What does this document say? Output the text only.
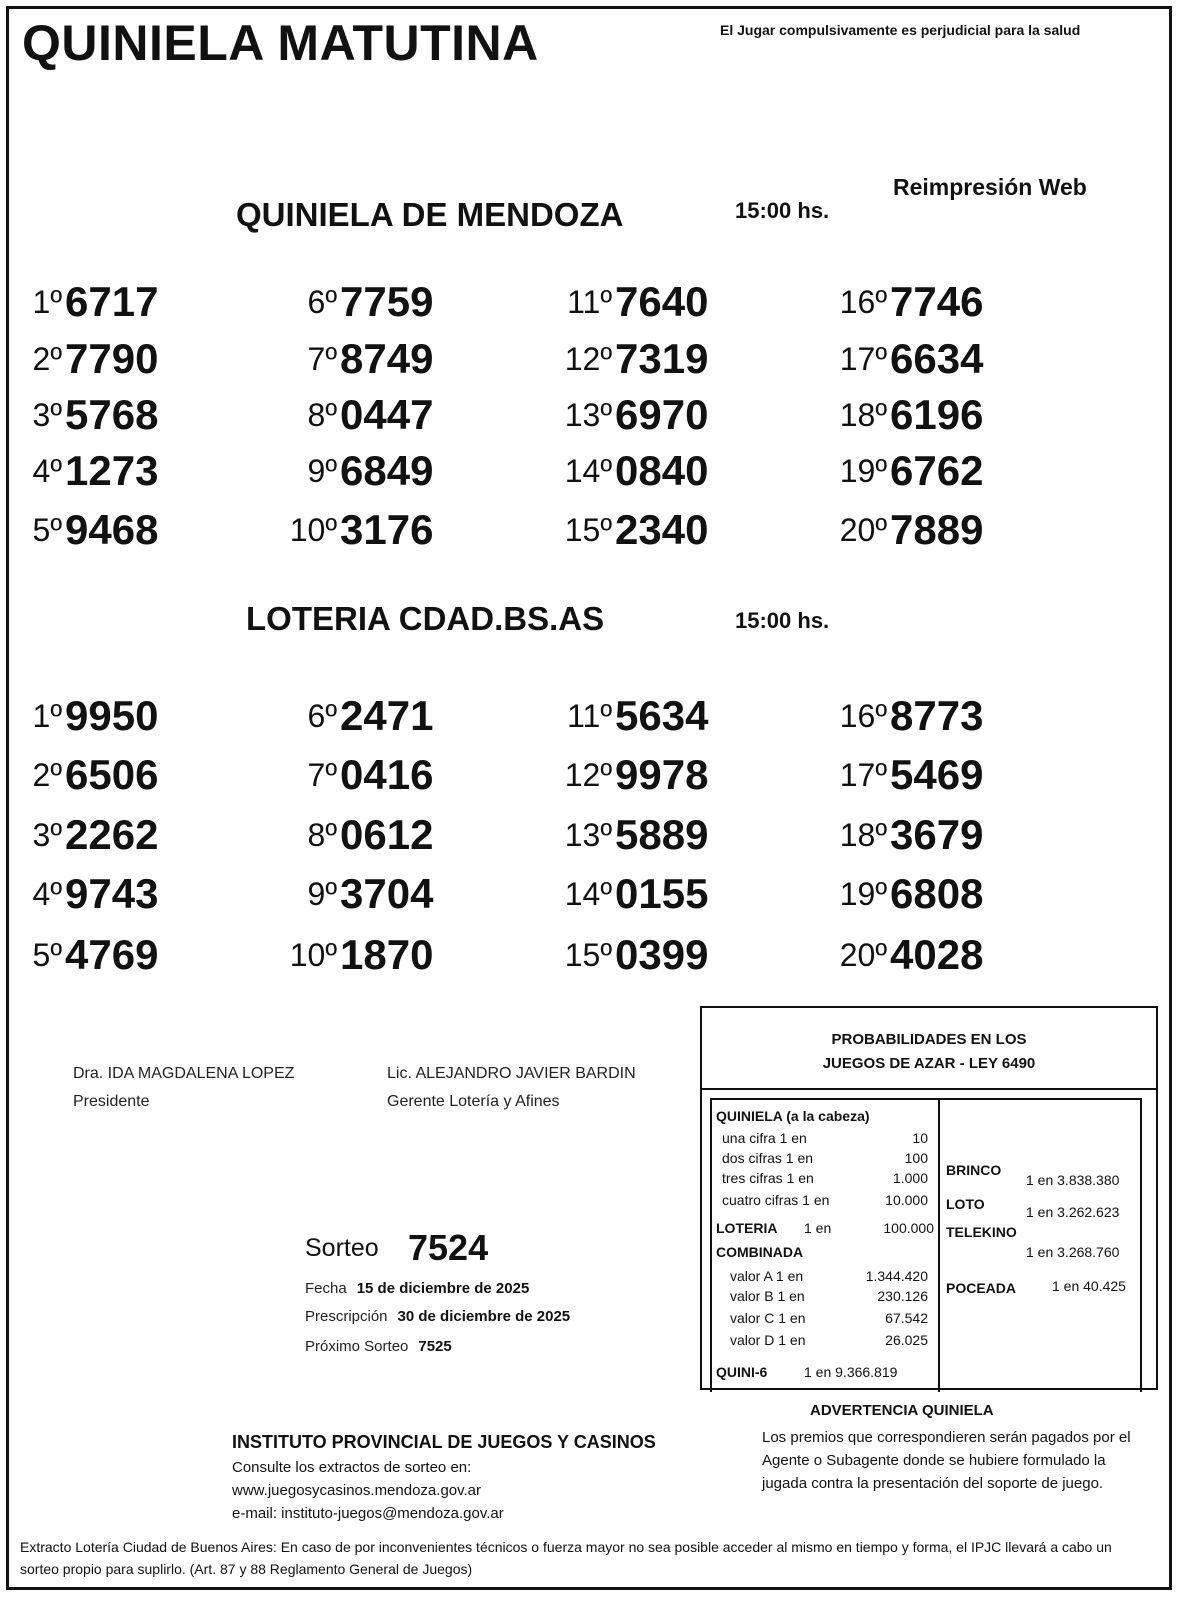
QUINIELA MATUTINA	El Jugar compulsivamente es perjudicial para la salud
Reimpresión Web
QUINIELA DE MENDOZA	15:00 hs.
1º 6717
2º 7790
3º 5768
4º 1273
5º 9468
6º 7759
7º 8749
8º 0447
9º 6849
10º 3176
11º 7640
12º 7319
13º 6970
14º 0840
15º 2340
16º 7746
17º 6634
18º 6196
19º 6762
20º 7889
LOTERIA CDAD.BS.AS	15:00 hs.
1º 9950
2º 6506
3º 2262
4º 9743
5º 4769
6º 2471
7º 0416
8º 0612
9º 3704
10º 1870
11º 5634
12º 9978
13º 5889
14º 0155
15º 0399
16º 8773
17º 5469
18º 3679
19º 6808
20º 4028
Dra. IDA MAGDALENA LOPEZ
Presidente
Lic. ALEJANDRO JAVIER BARDIN
Gerente Lotería y Afines
Sorteo 7524
Fecha 15 de diciembre de 2025
Prescripción 30 de diciembre de 2025
Próximo Sorteo 7525
PROBABILIDADES EN LOS
JUEGOS DE AZAR - LEY 6490
QUINIELA (a la cabeza)
una cifra 1 en	10
dos cifras 1 en	100
tres cifras 1 en	1.000
cuatro cifras 1 en	10.000
LOTERIA 1 en	100.000
COMBINADA
valor A 1 en	1.344.420
valor B 1 en	230.126
valor C 1 en	67.542
valor D 1 en	26.025
QUINI-6	1 en 9.366.819
BRINCO
1 en 3.838.380
LOTO	1 en 3.262.623
TELEKINO
1 en 3.268.760
POCEADA	1 en 40.425
ADVERTENCIA QUINIELA
Los premios que correspondieren serán pagados por el Agente o Subagente donde se hubiere formulado la jugada contra la presentación del soporte de juego.
INSTITUTO PROVINCIAL DE JUEGOS Y CASINOS
Consulte los extractos de sorteo en:
www.juegosycasinos.mendoza.gov.ar
e-mail: instituto-juegos@mendoza.gov.ar
Extracto Lotería Ciudad de Buenos Aires: En caso de por inconvenientes técnicos o fuerza mayor no sea posible acceder al mismo en tiempo y forma, el IPJC llevará a cabo un sorteo propio para suplirlo. (Art. 87 y 88 Reglamento General de Juegos)
